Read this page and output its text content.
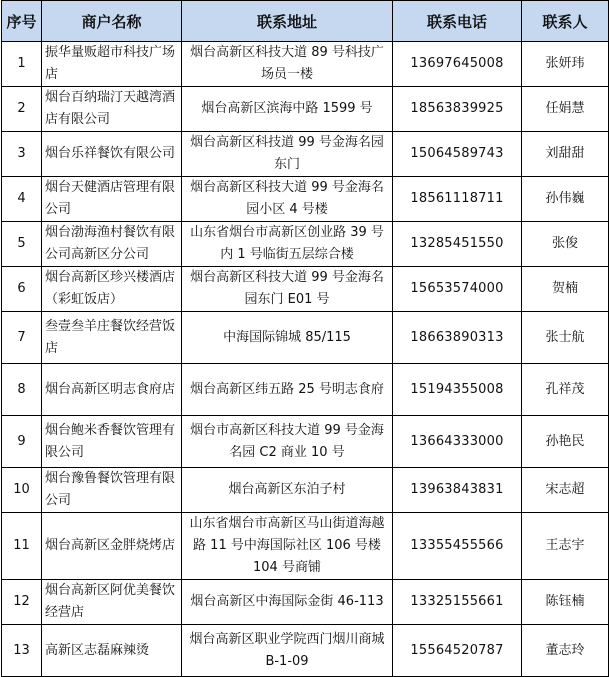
序号	商户名称	联系地址	联系电话	联系人
1	振华量贩超市科技广场店	烟台高新区科技大道 89 号科技广场员一楼	13697645008	张妍玮
2	烟台百纳瑞汀天越湾酒店有限公司	烟台高新区滨海中路 1599 号	18563839925	任娟慧
3	烟台乐祥餐饮有限公司	烟台高新区科技道 99 号金海名园东门	15064589743	刘甜甜
4	烟台天健酒店管理有限公司	烟台高新区科技大道 99 号金海名园小区 4 号楼	18561118711	孙伟巍
5	烟台渤海渔村餐饮有限公司高新区分公司	山东省烟台市高新区创业路 39 号内 1 号临街五层综合楼	13285451550	张俊
6	烟台高新区珍兴楼酒店（彩虹饭店）	烟台高新区科技大道 99 号金海名园东门 E01 号	15653574000	贺楠
7	叁壹叁羊庄餐饮经营饭店	中海国际锦城 85/115	18663890313	张士航
8	烟台高新区明志食府店	烟台高新区纬五路 25 号明志食府	15194355008	孔祥茂
9	烟台鲍米香餐饮管理有限公司	烟台市高新区科技大道 99 号金海名园 C2 商业 10 号	13664333000	孙艳民
10	烟台豫鲁餐饮管理有限公司	烟台高新区东泊子村	13963843831	宋志超
11	烟台高新区金胖烧烤店	山东省烟台市高新区马山街道海越路 11 号中海国际社区 106 号楼 104 号商铺	13355455566	王志宇
12	烟台高新区阿优美餐饮经营店	烟台高新区中海国际金街 46-113	13325155661	陈钰楠
13	高新区志磊麻辣烫	烟台高新区职业学院西门烟川商城 B-1-09	15564520787	董志玲
